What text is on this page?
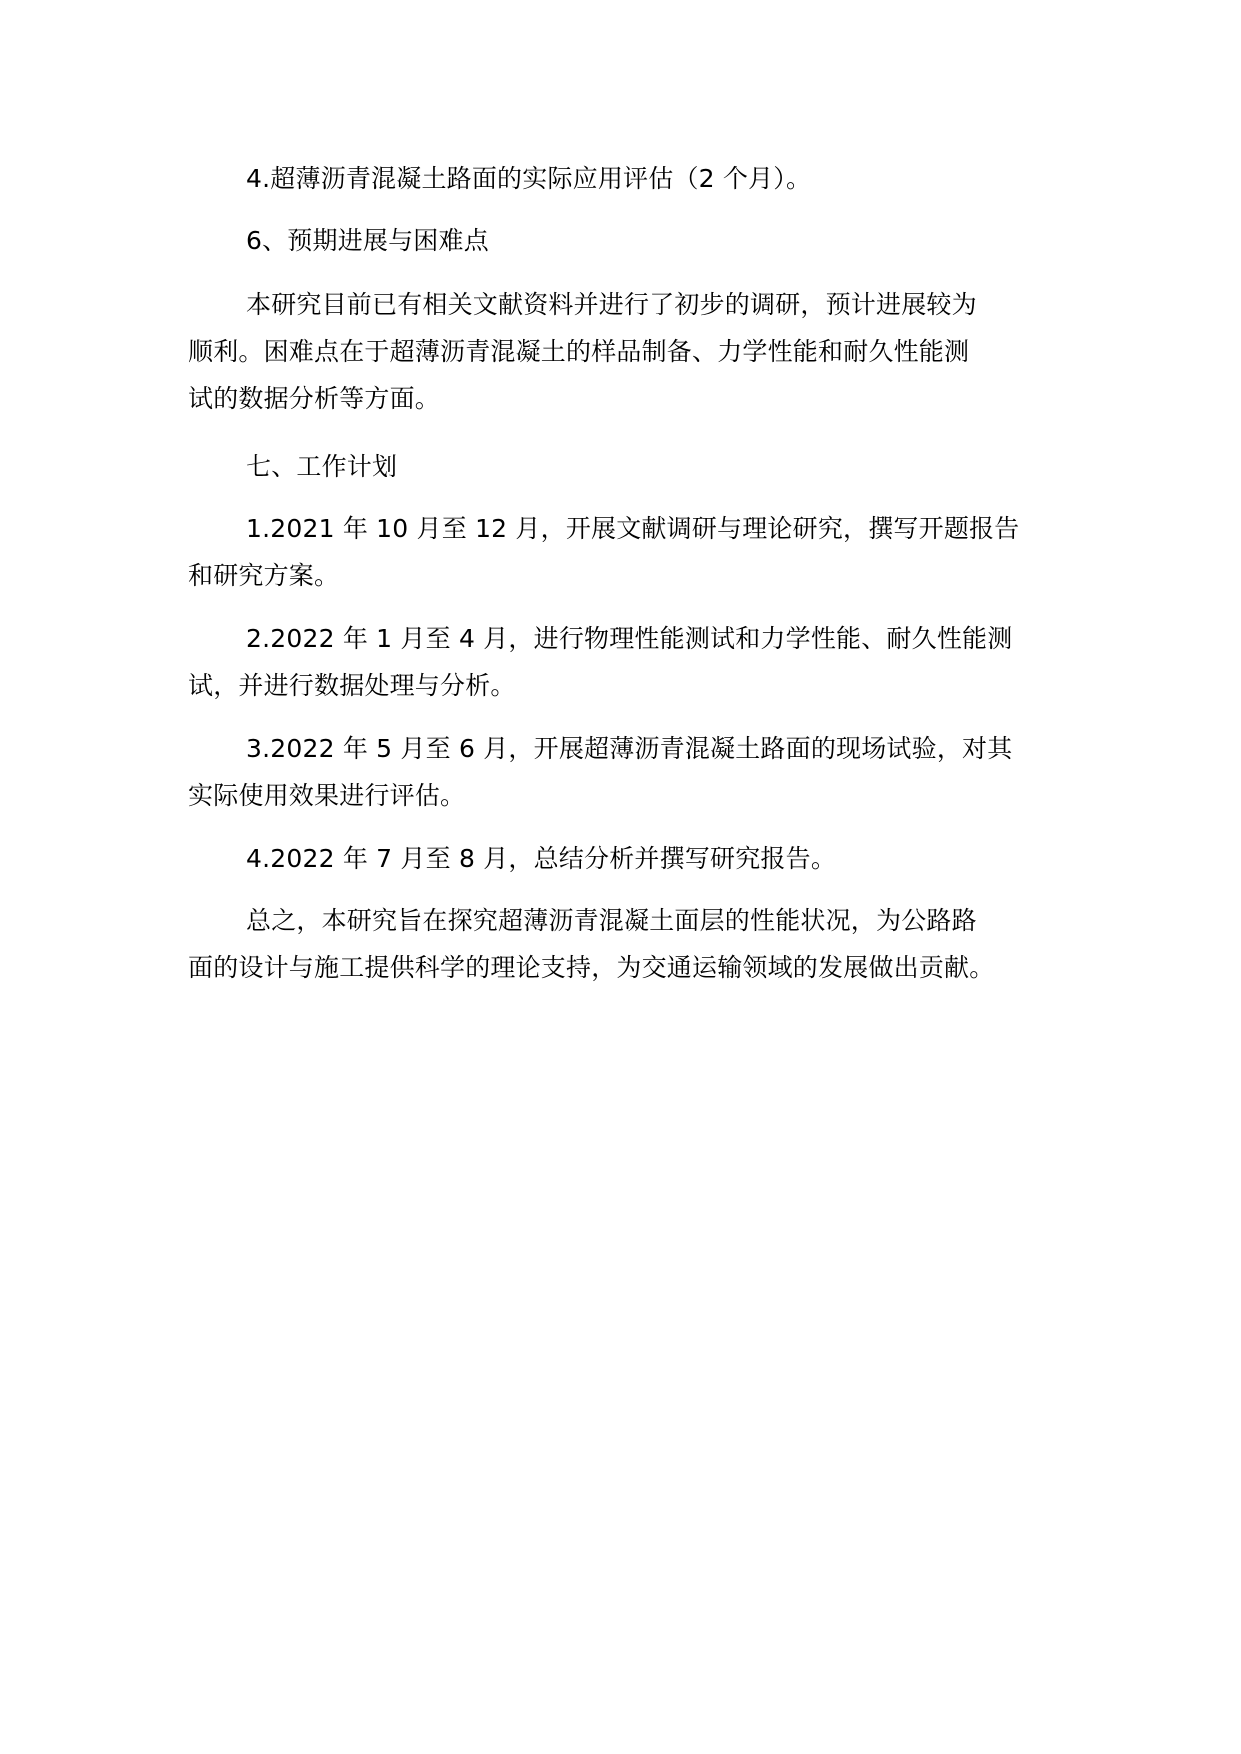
4.超薄沥青混凝土路面的实际应用评估（2 个月）。

6、预期进展与困难点

本研究目前已有相关文献资料并进行了初步的调研，预计进展较为
顺利。困难点在于超薄沥青混凝土的样品制备、力学性能和耐久性能测
试的数据分析等方面。

七、工作计划

1.2021 年 10 月至 12 月，开展文献调研与理论研究，撰写开题报告
和研究方案。

2.2022 年 1 月至 4 月，进行物理性能测试和力学性能、耐久性能测
试，并进行数据处理与分析。

3.2022 年 5 月至 6 月，开展超薄沥青混凝土路面的现场试验，对其
实际使用效果进行评估。

4.2022 年 7 月至 8 月，总结分析并撰写研究报告。

总之，本研究旨在探究超薄沥青混凝土面层的性能状况，为公路路
面的设计与施工提供科学的理论支持，为交通运输领域的发展做出贡献。
